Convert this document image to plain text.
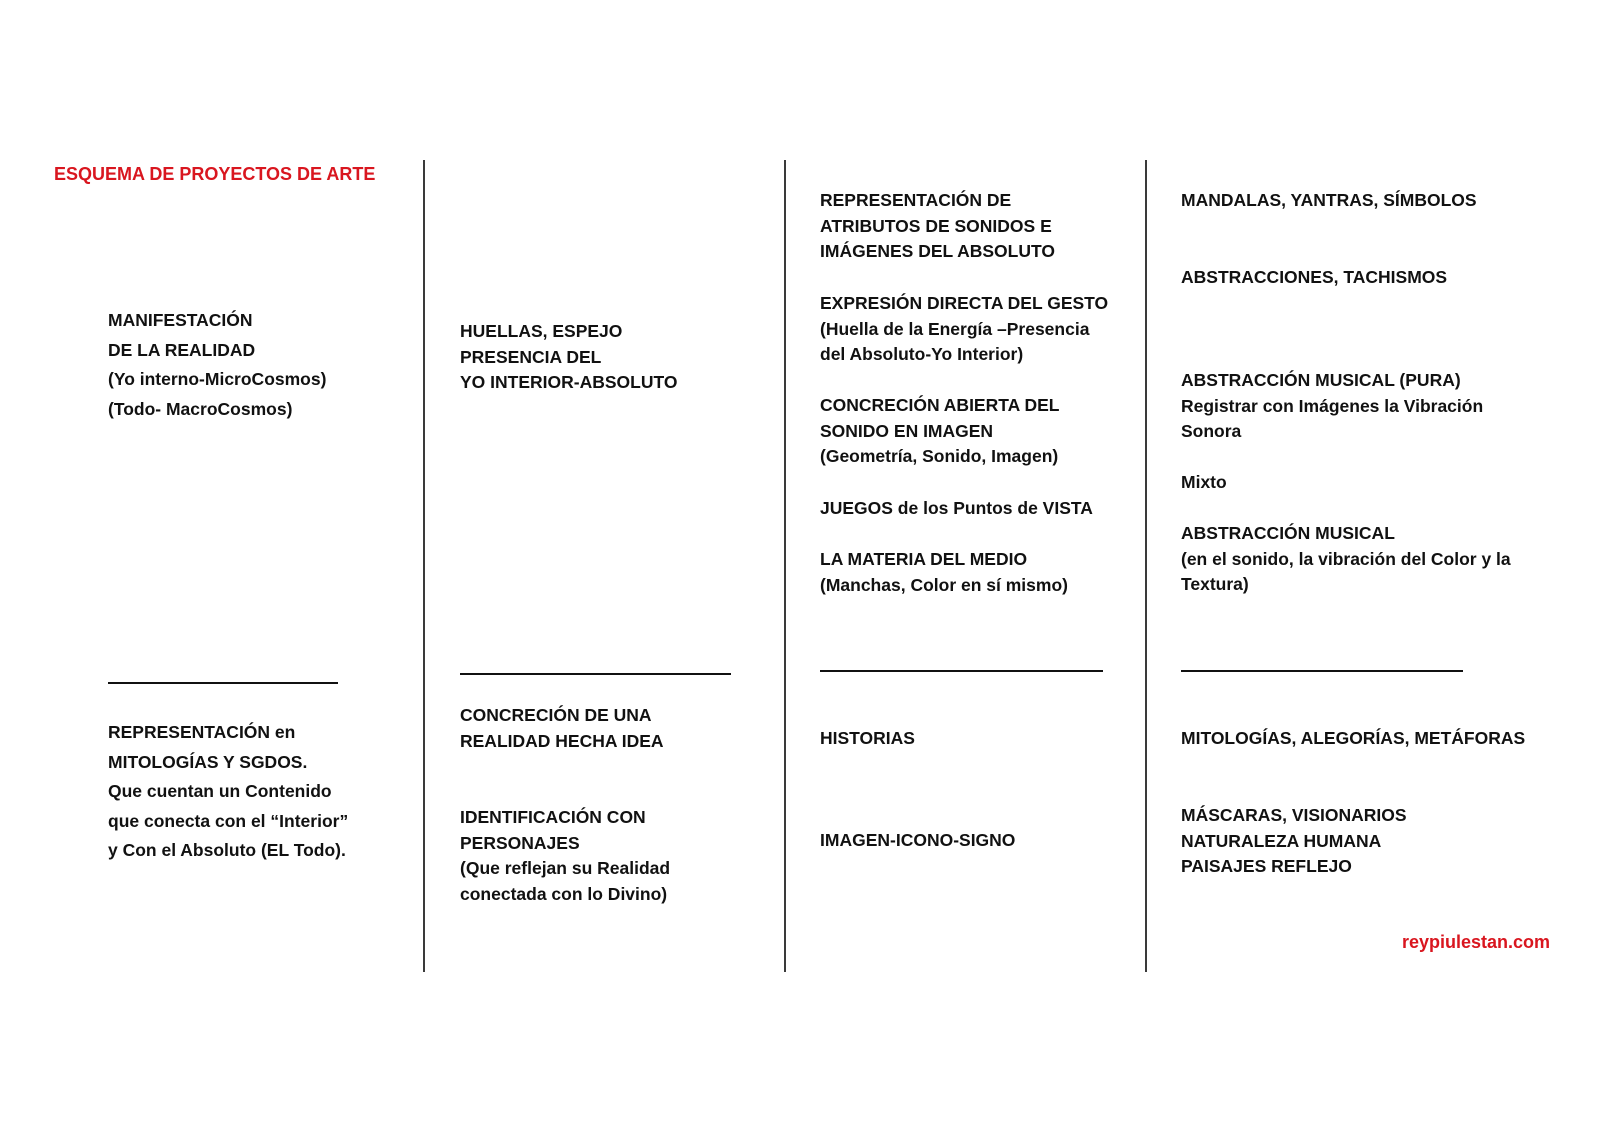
ESQUEMA DE PROYECTOS DE ARTE
MANIFESTACIÓN
DE LA REALIDAD
(Yo interno-MicroCosmos)
(Todo- MacroCosmos)
REPRESENTACIÓN en
MITOLOGÍAS Y SGDOS.
Que cuentan un Contenido
que conecta con el “Interior”
y Con el Absoluto (EL Todo).
HUELLAS, ESPEJO
PRESENCIA DEL
YO INTERIOR-ABSOLUTO
CONCRECIÓN DE UNA
REALIDAD HECHA IDEA
IDENTIFICACIÓN CON
PERSONAJES
(Que reflejan su Realidad
conectada con lo Divino)
REPRESENTACIÓN DE
ATRIBUTOS DE SONIDOS E
IMÁGENES DEL ABSOLUTO
EXPRESIÓN DIRECTA DEL GESTO
(Huella de la Energía –Presencia
del Absoluto-Yo Interior)
CONCRECIÓN ABIERTA DEL
SONIDO EN IMAGEN
(Geometría, Sonido, Imagen)
JUEGOS de los Puntos de VISTA
LA MATERIA DEL MEDIO
(Manchas, Color en sí mismo)
HISTORIAS
IMAGEN-ICONO-SIGNO
MANDALAS, YANTRAS, SÍMBOLOS
ABSTRACCIONES, TACHISMOS
ABSTRACCIÓN MUSICAL (PURA)
Registrar con Imágenes la Vibración
Sonora
Mixto
ABSTRACCIÓN MUSICAL
(en el sonido, la vibración del Color y la
Textura)
MITOLOGÍAS, ALEGORÍAS, METÁFORAS
MÁSCARAS, VISIONARIOS
NATURALEZA HUMANA
PAISAJES REFLEJO
reypiulestan.com
________________________
